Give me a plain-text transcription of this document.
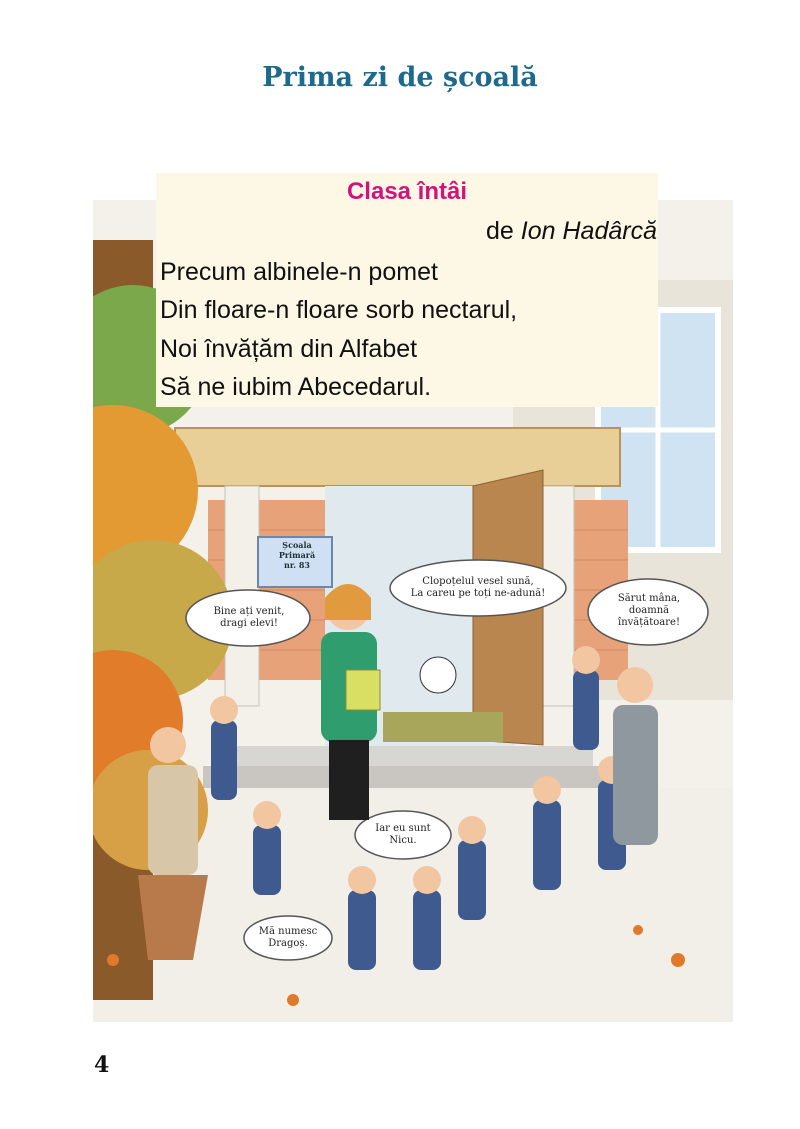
Prima zi de școală
Școala
Primară
nr. 83
Bine ați venit,
dragi elevi!
Clopoțelul vesel sună,
La careu pe toți ne-adună!	Sărut mâna,
doamnă
învățătoare!
Iar eu sunt
Nicu.
Mă numesc
Dragoș.
Clasa întâi
de Ion Hadârcă
Precum albinele-n pomet
Din floare-n floare sorb nectarul,
Noi învățăm din Alfabet
Să ne iubim Abecedarul.
4
